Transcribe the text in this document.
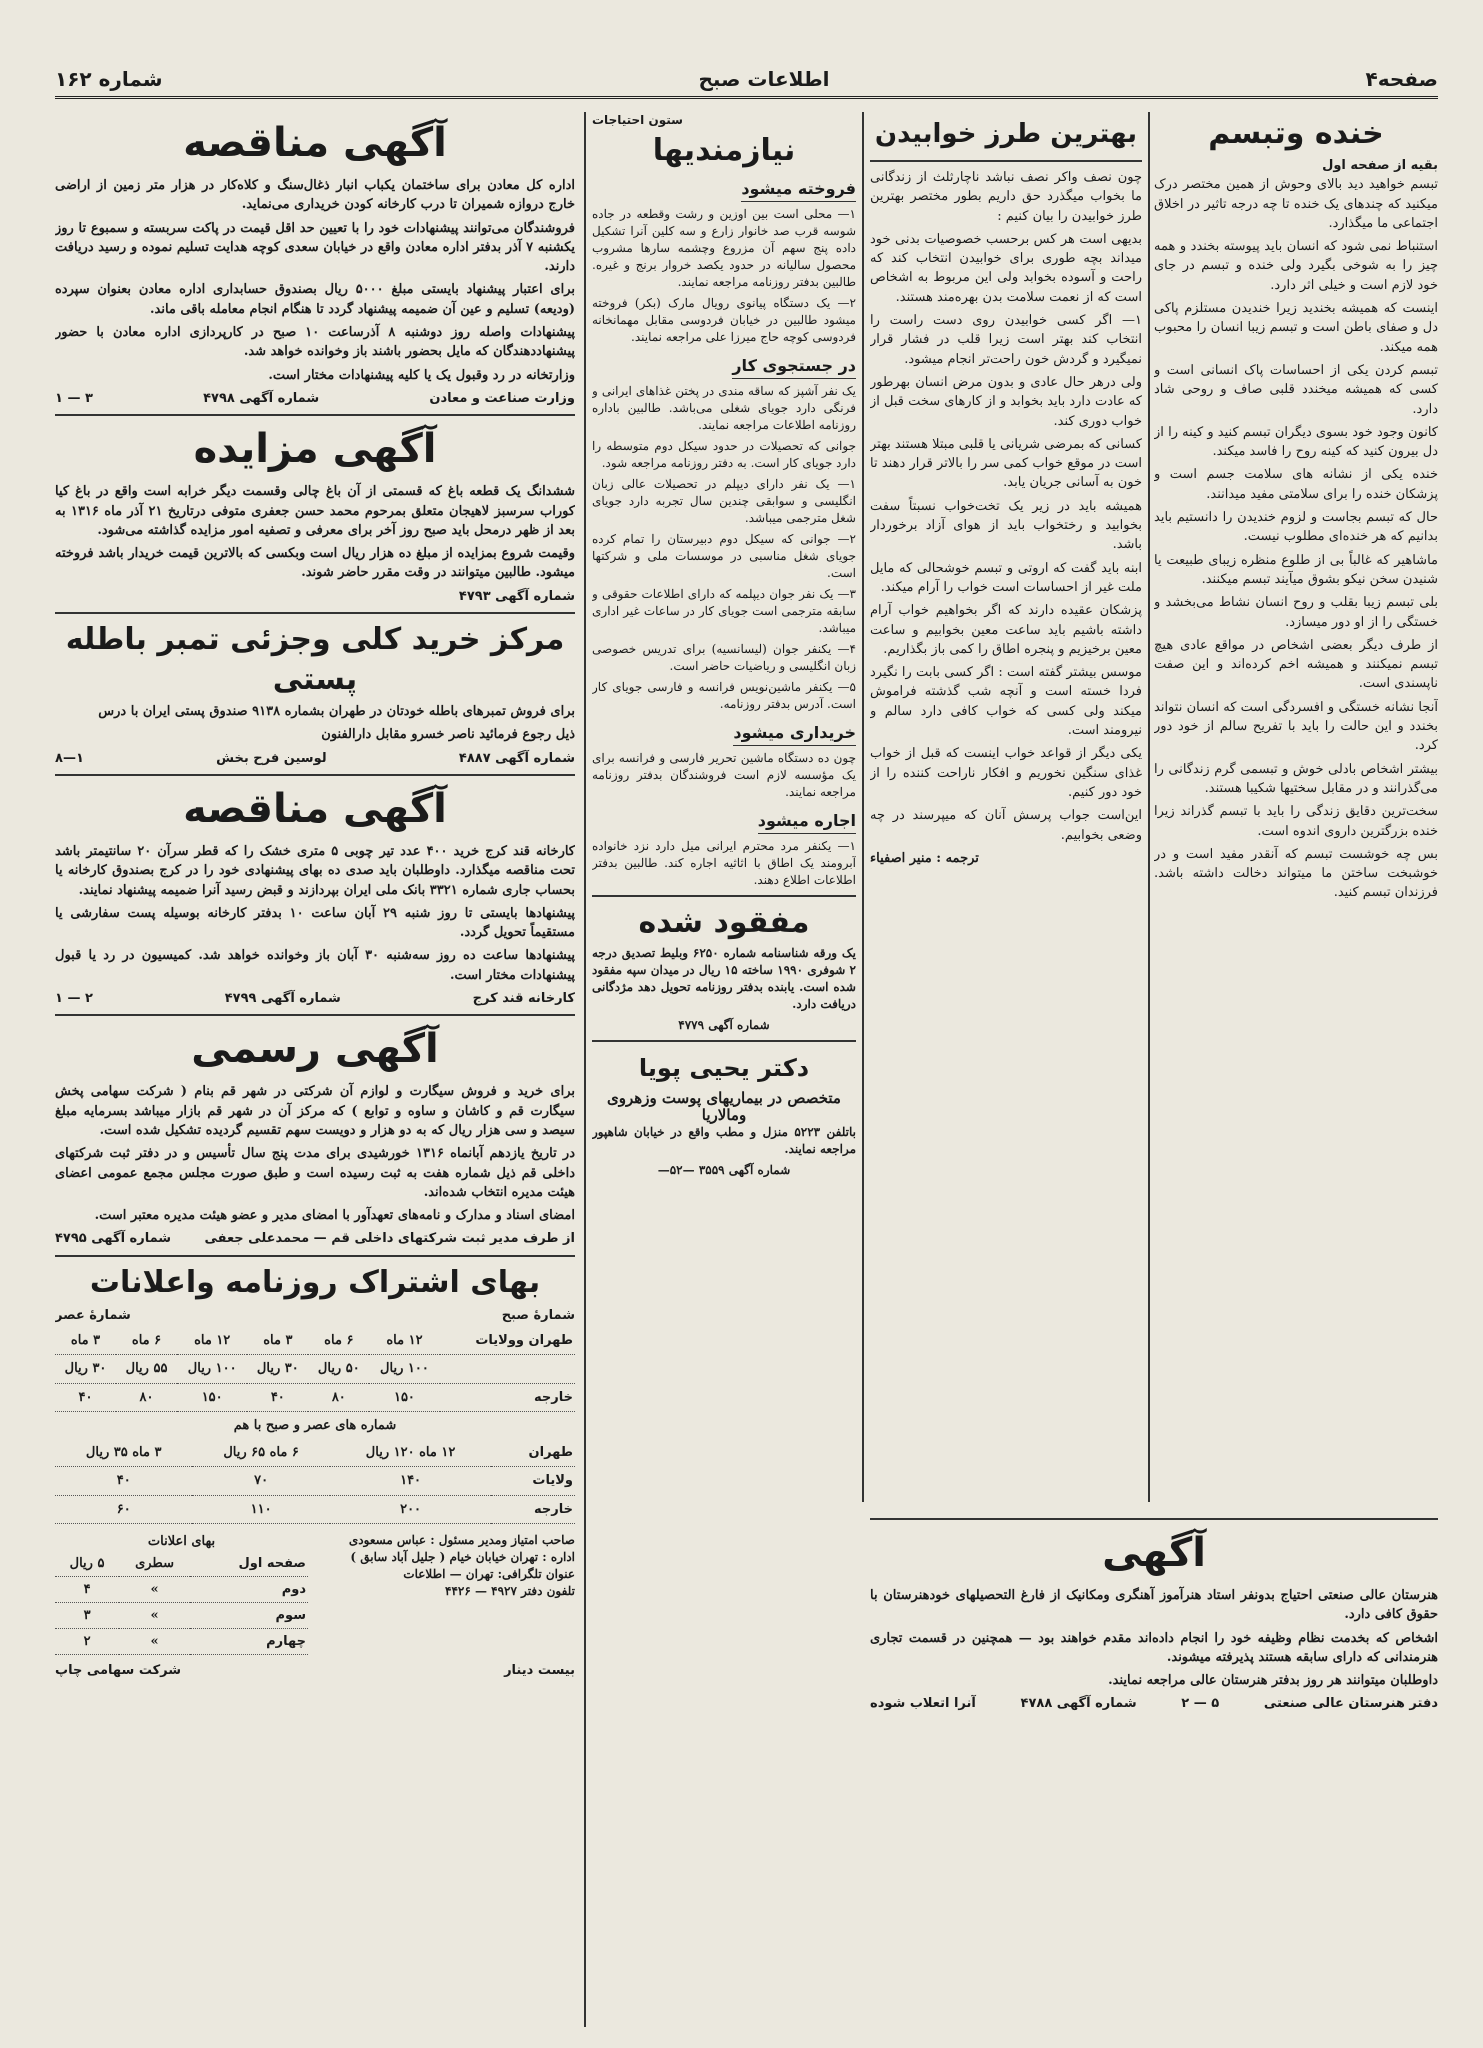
صفحه۴
اطلاعات صبح
شماره ۱۶۲
آگهی مناقصه

اداره کل معادن برای ساختمان یکباب انبار ذغال‌سنگ و کلاه‌کار در هزار متر زمین از اراضی خارج دروازه شمیران تا درب کارخانه کودن خریداری می‌نماید.

فروشندگان می‌توانند پیشنهادات خود را با تعیین حد اقل قیمت در پاکت سربسته و سمبوع تا روز یکشنبه ۷ آذر بدفتر اداره معادن واقع در خیابان سعدی کوچه هدایت تسلیم نموده و رسید دریافت دارند.

برای اعتبار پیشنهاد بایستی مبلغ ۵۰۰۰ ریال بصندوق حسابداری اداره معادن بعنوان سپرده (ودیعه) تسلیم و عین آن ضمیمه پیشنهاد گردد تا هنگام انجام معامله باقی ماند.

پیشنهادات واصله روز دوشنبه ۸ آذرساعت ۱۰ صبح در کارپردازی اداره معادن با حضور پیشنهاددهندگان که مایل بحضور باشند باز وخوانده خواهد شد.

وزارتخانه در رد وقبول یک یا کلیه پیشنهادات مختار است.

وزارت صناعت و معادن
شماره آگهی ۴۷۹۸
۳ — ۱
آگهی مزایده

ششدانگ یک قطعه باغ که قسمتی از آن باغ چالی وقسمت دیگر خرابه است واقع در باغ کیا کوراب سرسبز لاهیجان متعلق بمرحوم محمد حسن جعفری متوفی درتاریخ ۲۱ آذر ماه ۱۳۱۶ به بعد از ظهر درمحل باید صبح روز آخر برای معرفی و تصفیه امور مزایده گذاشته می‌شود.

وقیمت شروع بمزایده از مبلغ ده هزار ریال است وبکسی که بالاترین قیمت خریدار باشد فروخته میشود. طالبین میتوانند در وقت مقرر حاضر شوند.

شماره آگهی ۴۷۹۳
مرکز خرید کلی وجزئی تمبر باطله پستی

برای فروش تمبرهای باطله خودتان در طهران بشماره ۹۱۳۸ صندوق پستی ایران با درس

ذیل رجوع فرمائید ناصر خسرو مقابل دارالفنون

شماره آگهی ۴۸۸۷
لوسین فرح بخش
۱—۸
آگهی مناقصه

کارخانه قند کرج خرید ۴۰۰ عدد تیر چوبی ۵ متری خشک را که قطر سرآن ۲۰ سانتیمتر باشد تحت مناقصه میگذارد. داوطلبان باید صدی ده بهای پیشنهادی خود را در کرج بصندوق کارخانه یا بحساب جاری شماره ۳۳۲۱ بانک ملی ایران بپردازند و قبض رسید آنرا ضمیمه پیشنهاد نمایند.

پیشنهادها بایستی تا روز شنبه ۲۹ آبان ساعت ۱۰ بدفتر کارخانه بوسیله پست سفارشی یا مستقیماً تحویل گردد.

پیشنهادها ساعت ده روز سه‌شنبه ۳۰ آبان باز وخوانده خواهد شد. کمیسیون در رد یا قبول پیشنهادات مختار است.

کارخانه قند کرج
شماره آگهی ۴۷۹۹
۲ — ۱
آگهی رسمی

برای خرید و فروش سیگارت و لوازم آن شرکتی در شهر قم بنام ( شرکت سهامی پخش سیگارت قم و کاشان و ساوه و توابع ) که مرکز آن در شهر قم بازار میباشد بسرمایه مبلغ سیصد و سی هزار ریال که به دو هزار و دویست سهم تقسیم گردیده تشکیل شده است.

در تاریخ یازدهم آبانماه ۱۳۱۶ خورشیدی برای مدت پنج سال تأسیس و در دفتر ثبت شرکتهای داخلی قم ذیل شماره هفت به ثبت رسیده است و طبق صورت مجلس مجمع عمومی اعضای هیئت مدیره انتخاب شده‌اند.

امضای اسناد و مدارک و نامه‌های تعهدآور با امضای مدیر و عضو هیئت مدیره معتبر است.

از طرف مدیر ثبت شرکتهای داخلی قم — محمدعلی جعفی
شماره آگهی ۴۷۹۵
بهای اشتراک روزنامه واعلانات
شمارهٔ صبح
شمارهٔ عصر
طهران وولایات	۱۲ ماه	۶ ماه	۳ ماه	۱۲ ماه	۶ ماه	۳ ماه
	۱۰۰ ریال	۵۰ ریال	۳۰ ریال	۱۰۰ ریال	۵۵ ریال	۳۰ ریال
خارجه	۱۵۰	۸۰	۴۰	۱۵۰	۸۰	۴۰
شماره های عصر و صبح با هم
طهران	۱۲ ماه ۱۲۰ ریال	۶ ماه ۶۵ ریال	۳ ماه ۳۵ ریال
ولایات	۱۴۰	۷۰	۴۰
خارجه	۲۰۰	۱۱۰	۶۰
صاحب امتیاز ومدیر مسئول : عباس مسعودی
اداره : تهران خیابان خیام ( جلیل آباد سابق )
عنوان تلگرافی: تهران — اطلاعات
تلفون دفتر ۴۹۲۷ — ۴۴۲۶
بهای اعلانات
صفحه اول	سطری	۵ ریال
دوم	»	۴
سوم	»	۳
چهارم	»	۲
بیست دینار
شرکت سهامی چاپ
ستون احتیاجات
نیازمندیها
فروخته میشود

۱— محلی است بین اوزین و رشت وقطعه در جاده شوسه قرب صد خانوار زارع و سه کلین آنرا تشکیل داده پنج سهم آن مزروع وچشمه سارها مشروب محصول سالیانه در حدود یکصد خروار برنج و غیره. طالبین بدفتر روزنامه مراجعه نمایند.

۲— یک دستگاه پیانوی رویال مارک (بکر) فروخته میشود طالبین در خیابان فردوسی مقابل مهمانخانه فردوسی کوچه حاج میرزا علی مراجعه نمایند.

در جستجوی کار

یک نفر آشپز که ساقه مندی در پختن غذاهای ایرانی و فرنگی دارد جویای شغلی می‌باشد. طالبین باداره روزنامه اطلاعات مراجعه نمایند.

جوانی که تحصیلات در حدود سیکل دوم متوسطه را دارد جویای کار است. به دفتر روزنامه مراجعه شود.

۱— یک نفر دارای دیپلم در تحصیلات عالی زبان انگلیسی و سوابقی چندین سال تجربه دارد جویای شغل مترجمی میباشد.

۲— جوانی که سیکل دوم دبیرستان را تمام کرده جویای شغل مناسبی در موسسات ملی و شرکتها است.

۳— یک نفر جوان دیپلمه که دارای اطلاعات حقوقی و سابقه مترجمی است جویای کار در ساعات غیر اداری میباشد.

۴— یکنفر جوان (لیسانسیه) برای تدریس خصوصی زبان انگلیسی و ریاضیات حاضر است.

۵— یکنفر ماشین‌نویس فرانسه و فارسی جویای کار است. آدرس بدفتر روزنامه.

خریداری میشود

چون ده دستگاه ماشین تحریر فارسی و فرانسه برای یک مؤسسه لازم است فروشندگان بدفتر روزنامه مراجعه نمایند.

اجاره میشود

۱— یکنفر مرد محترم ایرانی میل دارد نزد خانواده آبرومند یک اطاق با اثاثیه اجاره کند. طالبین بدفتر اطلاعات اطلاع دهند.

مفقود شده

یک ورقه شناسنامه شماره ۶۲۵۰ وبلیط تصدیق درجه ۲ شوفری ۱۹۹۰ ساخته ۱۵ ریال در میدان سپه مفقود شده است. یابنده بدفتر روزنامه تحویل دهد مژدگانی دریافت دارد.

شماره آگهی ۴۷۷۹
دکتر یحیی پویا
متخصص در بیماریهای پوست وزهروی ومالاریا

باتلفن ۵۲۲۳ منزل و مطب واقع در خیابان شاهپور مراجعه نمایند.

شماره آگهی ۳۵۵۹ —۵۲—
بهترین طرز خوابیدن

چون نصف واکر نصف نباشد ناچارثلث از زندگانی ما بخواب میگذرد حق داریم بطور مختصر بهترین طرز خوابیدن را بیان کنیم :

بدیهی است هر کس برحسب خصوصیات بدنی خود میداند بچه طوری برای خوابیدن انتخاب کند که راحت و آسوده بخوابد ولی این مربوط به اشخاص است که از نعمت سلامت بدن بهره‌مند هستند.

۱— اگر کسی خوابیدن روی دست راست را انتخاب کند بهتر است زیرا قلب در فشار قرار نمیگیرد و گردش خون راحت‌تر انجام میشود.

ولی درهر حال عادی و بدون مرض انسان بهرطور که عادت دارد باید بخوابد و از کارهای سخت قبل از خواب دوری کند.

کسانی که بمرضی شریانی یا قلبی مبتلا هستند بهتر است در موقع خواب کمی سر را بالاتر قرار دهند تا خون به آسانی جریان یابد.

همیشه باید در زیر یک تخت‌خواب نسبتاً سفت بخوابید و رختخواب باید از هوای آزاد برخوردار باشد.

ابنه باید گفت که اروتی و تبسم خوشحالی که مایل ملت غیر از احساسات است خواب را آرام میکند.

پزشکان عقیده دارند که اگر بخواهیم خواب آرام داشته باشیم باید ساعت معین بخوابیم و ساعت معین برخیزیم و پنجره اطاق را کمی باز بگذاریم.

موسس بیشتر گفته است : اگر کسی بابت را نگیرد فردا خسته است و آنچه شب گذشته فراموش میکند ولی کسی که خواب کافی دارد سالم و نیرومند است.

یکی دیگر از قواعد خواب اینست که قبل از خواب غذای سنگین نخوریم و افکار ناراحت کننده را از خود دور کنیم.

این‌است جواب پرسش آنان که میپرسند در چه وضعی بخوابیم.

ترجمه : منیر اصفیاء
خنده وتبسم
بقیه از صفحه اول

تبسم خواهید دید بالای وحوش از همین مختصر درک میکنید که چندهای یک خنده تا چه درجه تاثیر در اخلاق اجتماعی ما میگذارد.

استنباط نمی شود که انسان باید پیوسته بخندد و همه چیز را به شوخی بگیرد ولی خنده و تبسم در جای خود لازم است و خیلی اثر دارد.

اینست که همیشه بخندید زیرا خندیدن مستلزم پاکی دل و صفای باطن است و تبسم زیبا انسان را محبوب همه میکند.

تبسم کردن یکی از احساسات پاک انسانی است و کسی که همیشه میخندد قلبی صاف و روحی شاد دارد.

کانون وجود خود بسوی دیگران تبسم کنید و کینه را از دل بیرون کنید که کینه روح را فاسد میکند.

خنده یکی از نشانه های سلامت جسم است و پزشکان خنده را برای سلامتی مفید میدانند.

حال که تبسم بجاست و لزوم خندیدن را دانستیم باید بدانیم که هر خنده‌ای مطلوب نیست.

ماشاهیر که غالباً بی از طلوع منظره زیبای طبیعت یا شنیدن سخن نیکو بشوق میآیند تبسم میکنند.

بلی تبسم زیبا بقلب و روح انسان نشاط می‌بخشد و خستگی را از او دور میسازد.

از طرف دیگر بعضی اشخاص در مواقع عادی هیچ تبسم نمیکنند و همیشه اخم کرده‌اند و این صفت ناپسندی است.

آنجا نشانه خستگی و افسردگی است که انسان نتواند بخندد و این حالت را باید با تفریح سالم از خود دور کرد.

بیشتر اشخاص بادلی خوش و تبسمی گرم زندگانی را می‌گذرانند و در مقابل سختیها شکیبا هستند.

سخت‌ترین دقایق زندگی را باید با تبسم گذراند زیرا خنده بزرگترین داروی اندوه است.

بس چه خوشست تبسم که آنقدر مفید است و در خوشبخت ساختن ما میتواند دخالت داشته باشد. فرزندان تبسم کنید.

آگهی

هنرستان عالی صنعتی احتیاج بدونفر استاد هنرآموز آهنگری ومکانیک از فارغ التحصیلهای خودهنرستان با حقوق کافی دارد.

اشخاص که بخدمت نظام وظیفه خود را انجام داده‌اند مقدم خواهند بود — همچنین در قسمت تجاری هنرمندانی که دارای سابقه هستند پذیرفته میشوند.

داوطلبان میتوانند هر روز بدفتر هنرستان عالی مراجعه نمایند.

دفتر هنرستان عالی صنعتی
۵ — ۲
شماره آگهی ۴۷۸۸
آنرا اتعلاب شوده
